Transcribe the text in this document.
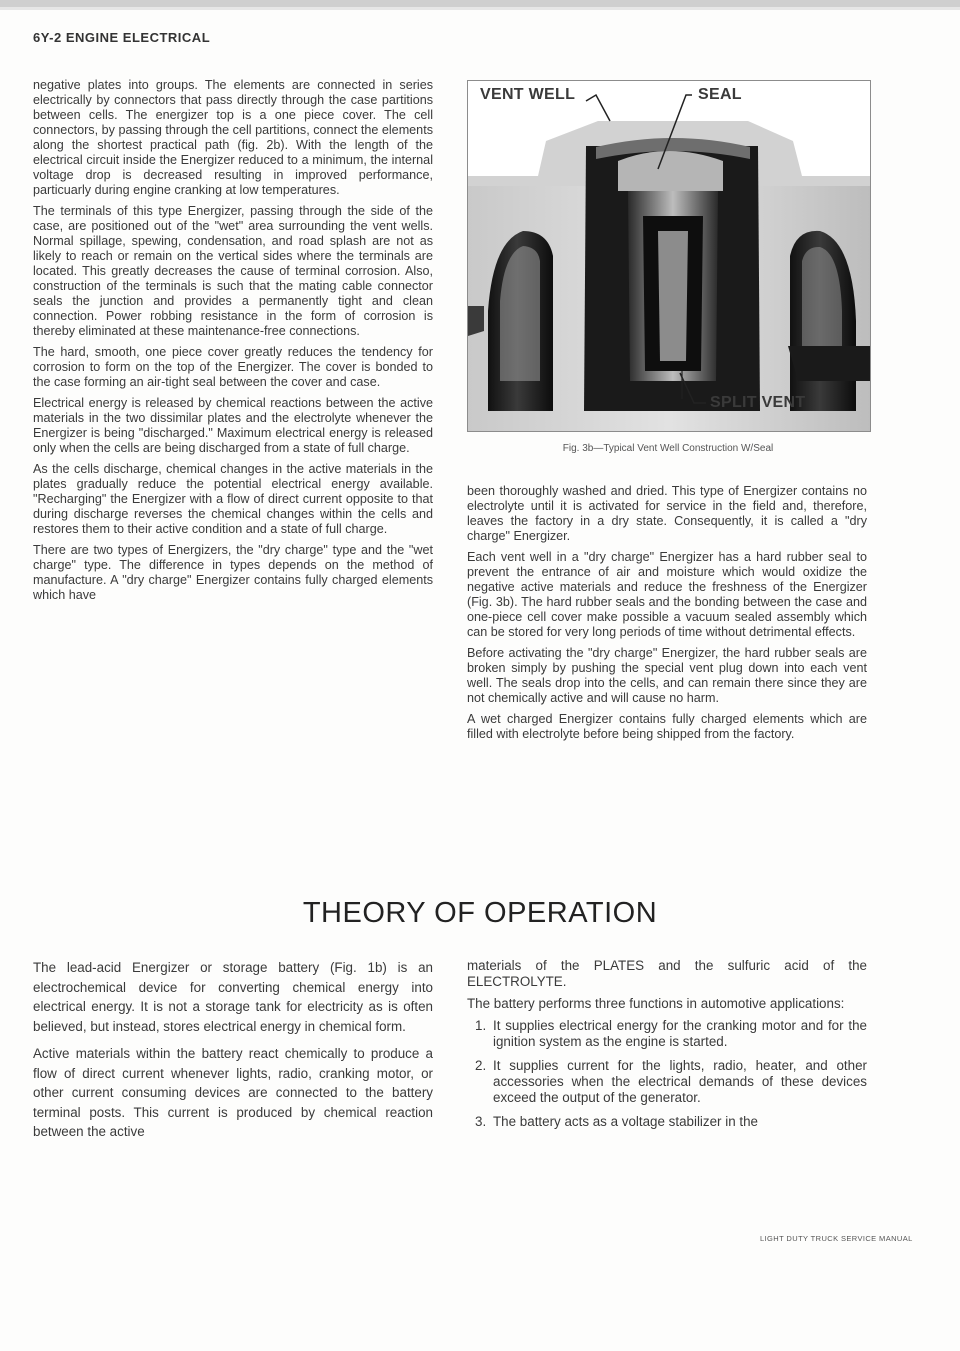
6Y-2 ENGINE ELECTRICAL

negative plates into groups. The elements are connected in series electrically by connectors that pass directly through the case partitions between cells. The energizer top is a one piece cover. The cell connectors, by passing through the cell partitions, connect the elements along the shortest practical path (fig. 2b). With the length of the electrical circuit inside the Energizer reduced to a minimum, the internal voltage drop is decreased resulting in improved performance, particuarly during engine cranking at low temperatures.

The terminals of this type Energizer, passing through the side of the case, are positioned out of the "wet" area surrounding the vent wells. Normal spillage, spewing, condensation, and road splash are not as likely to reach or remain on the vertical sides where the terminals are located. This greatly decreases the cause of terminal corrosion. Also, construction of the terminals is such that the mating cable connector seals the junction and provides a permanently tight and clean connection. Power robbing resistance in the form of corrosion is thereby eliminated at these maintenance-free connections.

The hard, smooth, one piece cover greatly reduces the tendency for corrosion to form on the top of the Energizer. The cover is bonded to the case forming an air-tight seal between the cover and case.

Electrical energy is released by chemical reactions between the active materials in the two dissimilar plates and the electrolyte whenever the Energizer is being "discharged." Maximum electrical energy is released only when the cells are being discharged from a state of full charge.

As the cells discharge, chemical changes in the active materials in the plates gradually reduce the potential electrical energy available. "Recharging" the Energizer with a flow of direct current opposite to that during discharge reverses the chemical changes within the cells and restores them to their active condition and a state of full charge.

There are two types of Energizers, the "dry charge" type and the "wet charge" type. The difference in types depends on the method of manufacture. A "dry charge" Energizer contains fully charged elements which have

VENT WELL	SEAL
SPLIT VENT
Fig. 3b—Typical Vent Well Construction W/Seal

been thoroughly washed and dried. This type of Energizer contains no electrolyte until it is activated for service in the field and, therefore, leaves the factory in a dry state. Consequently, it is called a "dry charge" Energizer.

Each vent well in a "dry charge" Energizer has a hard rubber seal to prevent the entrance of air and moisture which would oxidize the negative active materials and reduce the freshness of the Energizer (Fig. 3b). The hard rubber seals and the bonding between the case and one-piece cell cover make possible a vacuum sealed assembly which can be stored for very long periods of time without detrimental effects.

Before activating the "dry charge" Energizer, the hard rubber seals are broken simply by pushing the special vent plug down into each vent well. The seals drop into the cells, and can remain there since they are not chemically active and will cause no harm.

A wet charged Energizer contains fully charged elements which are filled with electrolyte before being shipped from the factory.

THEORY OF OPERATION

The lead-acid Energizer or storage battery (Fig. 1b) is an electrochemical device for converting chemical energy into electrical energy. It is not a storage tank for electricity as is often believed, but instead, stores electrical energy in chemical form.

Active materials within the battery react chemically to produce a flow of direct current whenever lights, radio, cranking motor, or other current consuming devices are connected to the battery terminal posts. This current is produced by chemical reaction between the active

materials of the PLATES and the sulfuric acid of the ELECTROLYTE.

The battery performs three functions in automotive applications:

1. It supplies electrical energy for the cranking motor and for the ignition system as the engine is started.
2. It supplies current for the lights, radio, heater, and other accessories when the electrical demands of these devices exceed the output of the generator.
3. The battery acts as a voltage stabilizer in the
LIGHT DUTY TRUCK SERVICE MANUAL
